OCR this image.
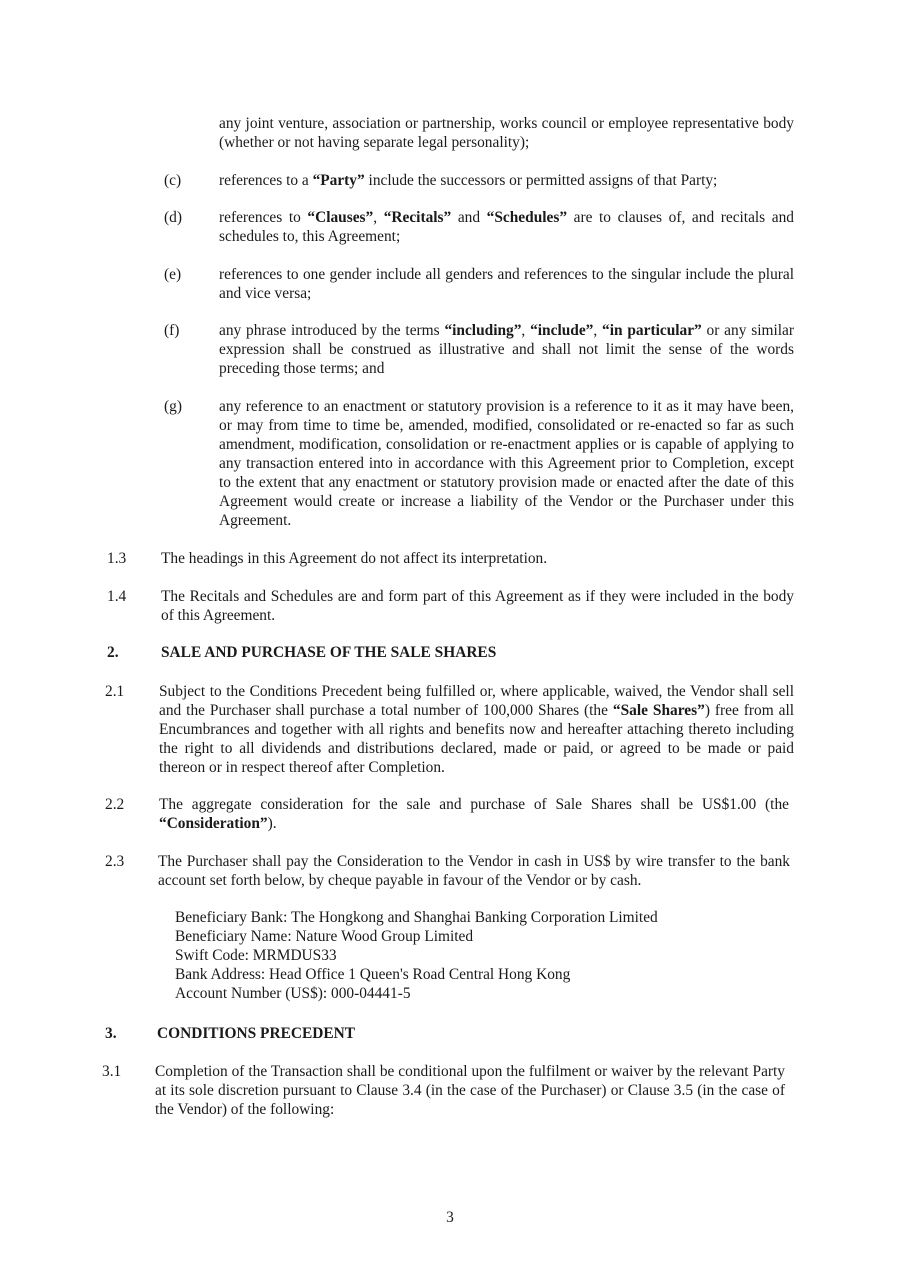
any joint venture, association or partnership, works council or employee representative body (whether or not having separate legal personality);
(c) references to a “Party” include the successors or permitted assigns of that Party;
(d) references to “Clauses”, “Recitals” and “Schedules” are to clauses of, and recitals and schedules to, this Agreement;
(e) references to one gender include all genders and references to the singular include the plural and vice versa;
(f)	any phrase introduced by the terms “including”, “include”, “in particular” or any similar expression shall be construed as illustrative and shall not limit the sense of the words preceding those terms; and
(g) any reference to an enactment or statutory provision is a reference to it as it may have been, or may from time to time be, amended, modified, consolidated or re-enacted so far as such amendment, modification, consolidation or re-enactment applies or is capable of applying to any transaction entered into in accordance with this Agreement prior to Completion, except to the extent that any enactment or statutory provision made or enacted after the date of this Agreement would create or increase a liability of the Vendor or the Purchaser under this Agreement.
1.3 The headings in this Agreement do not affect its interpretation.
1.4 The Recitals and Schedules are and form part of this Agreement as if they were included in the body of this Agreement.
2.	SALE AND PURCHASE OF THE SALE SHARES
2.1 Subject to the Conditions Precedent being fulfilled or, where applicable, waived, the Vendor shall sell and the Purchaser shall purchase a total number of 100,000 Shares (the “Sale Shares”) free from all Encumbrances and together with all rights and benefits now and hereafter attaching thereto including the right to all dividends and distributions declared, made or paid, or agreed to be made or paid thereon or in respect thereof after Completion.
2.2 The aggregate consideration for the sale and purchase of Sale Shares shall be US$1.00 (the “Consideration”).
2.3 The Purchaser shall pay the Consideration to the Vendor in cash in US$ by wire transfer to the bank account set forth below, by cheque payable in favour of the Vendor or by cash.
Beneficiary Bank: The Hongkong and Shanghai Banking Corporation Limited
Beneficiary Name: Nature Wood Group Limited
Swift Code: MRMDUS33
Bank Address: Head Office 1 Queen's Road Central Hong Kong
Account Number (US$): 000-04441-5
3.	CONDITIONS PRECEDENT
3.1 Completion of the Transaction shall be conditional upon the fulfilment or waiver by the relevant Party at its sole discretion pursuant to Clause 3.4 (in the case of the Purchaser) or Clause 3.5 (in the case of the Vendor) of the following:
3
